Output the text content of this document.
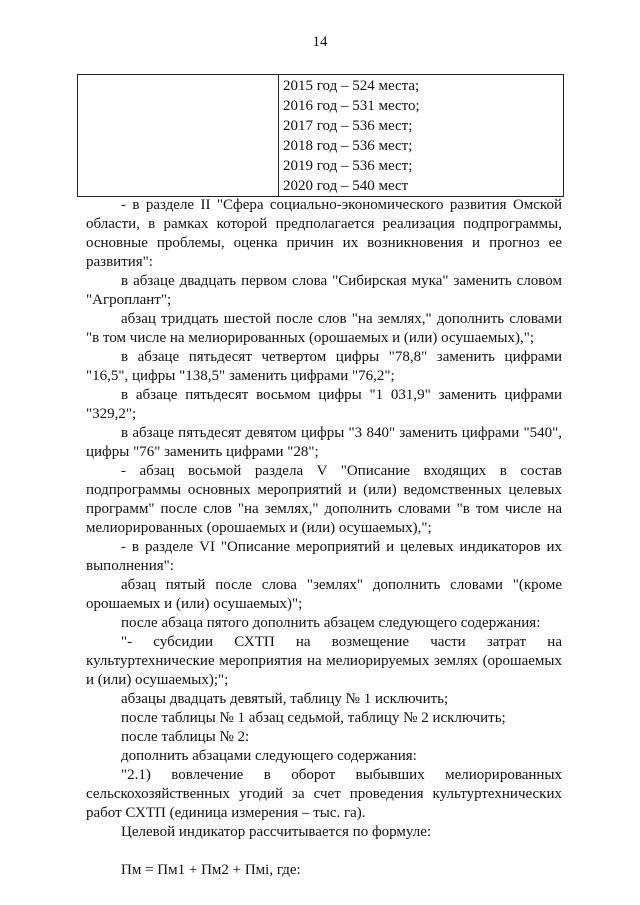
14

2015 год – 524 места;
2016 год – 531 место;
2017 год – 536 мест;
2018 год – 536 мест;
2019 год – 536 мест;
2020 год – 540 мест

- в разделе II "Сфера социально-экономического развития Омской области, в рамках которой предполагается реализация подпрограммы, основные проблемы, оценка причин их возникновения и прогноз ее развития":

в абзаце двадцать первом слова "Сибирская мука" заменить словом "Агроплант";

абзац тридцать шестой после слов "на землях," дополнить словами "в том числе на мелиорированных (орошаемых и (или) осушаемых),";

в абзаце пятьдесят четвертом цифры "78,8" заменить цифрами "16,5", цифры "138,5" заменить цифрами "76,2";

в абзаце пятьдесят восьмом цифры "1 031,9" заменить цифрами "329,2";

в абзаце пятьдесят девятом цифры "3 840" заменить цифрами "540", цифры "76" заменить цифрами "28";

- абзац восьмой раздела V "Описание входящих в состав подпрограммы основных мероприятий и (или) ведомственных целевых программ" после слов "на землях," дополнить словами "в том числе на мелиорированных (орошаемых и (или) осушаемых),";

- в разделе VI "Описание мероприятий и целевых индикаторов их выполнения":

абзац пятый после слова "землях" дополнить словами "(кроме орошаемых и (или) осушаемых)";

после абзаца пятого дополнить абзацем следующего содержания:

"- субсидии СХТП на возмещение части затрат на культуртехнические мероприятия на мелиорируемых землях (орошаемых и (или) осушаемых);";

абзацы двадцать девятый, таблицу № 1 исключить;

после таблицы № 1 абзац седьмой, таблицу № 2 исключить;

после таблицы № 2:

дополнить абзацами следующего содержания:

"2.1) вовлечение в оборот выбывших мелиорированных сельскохозяйственных угодий за счет проведения культуртехнических работ СХТП (единица измерения – тыс. га).

Целевой индикатор рассчитывается по формуле:

Пм = Пм1 + Пм2 + Пмi, где:
